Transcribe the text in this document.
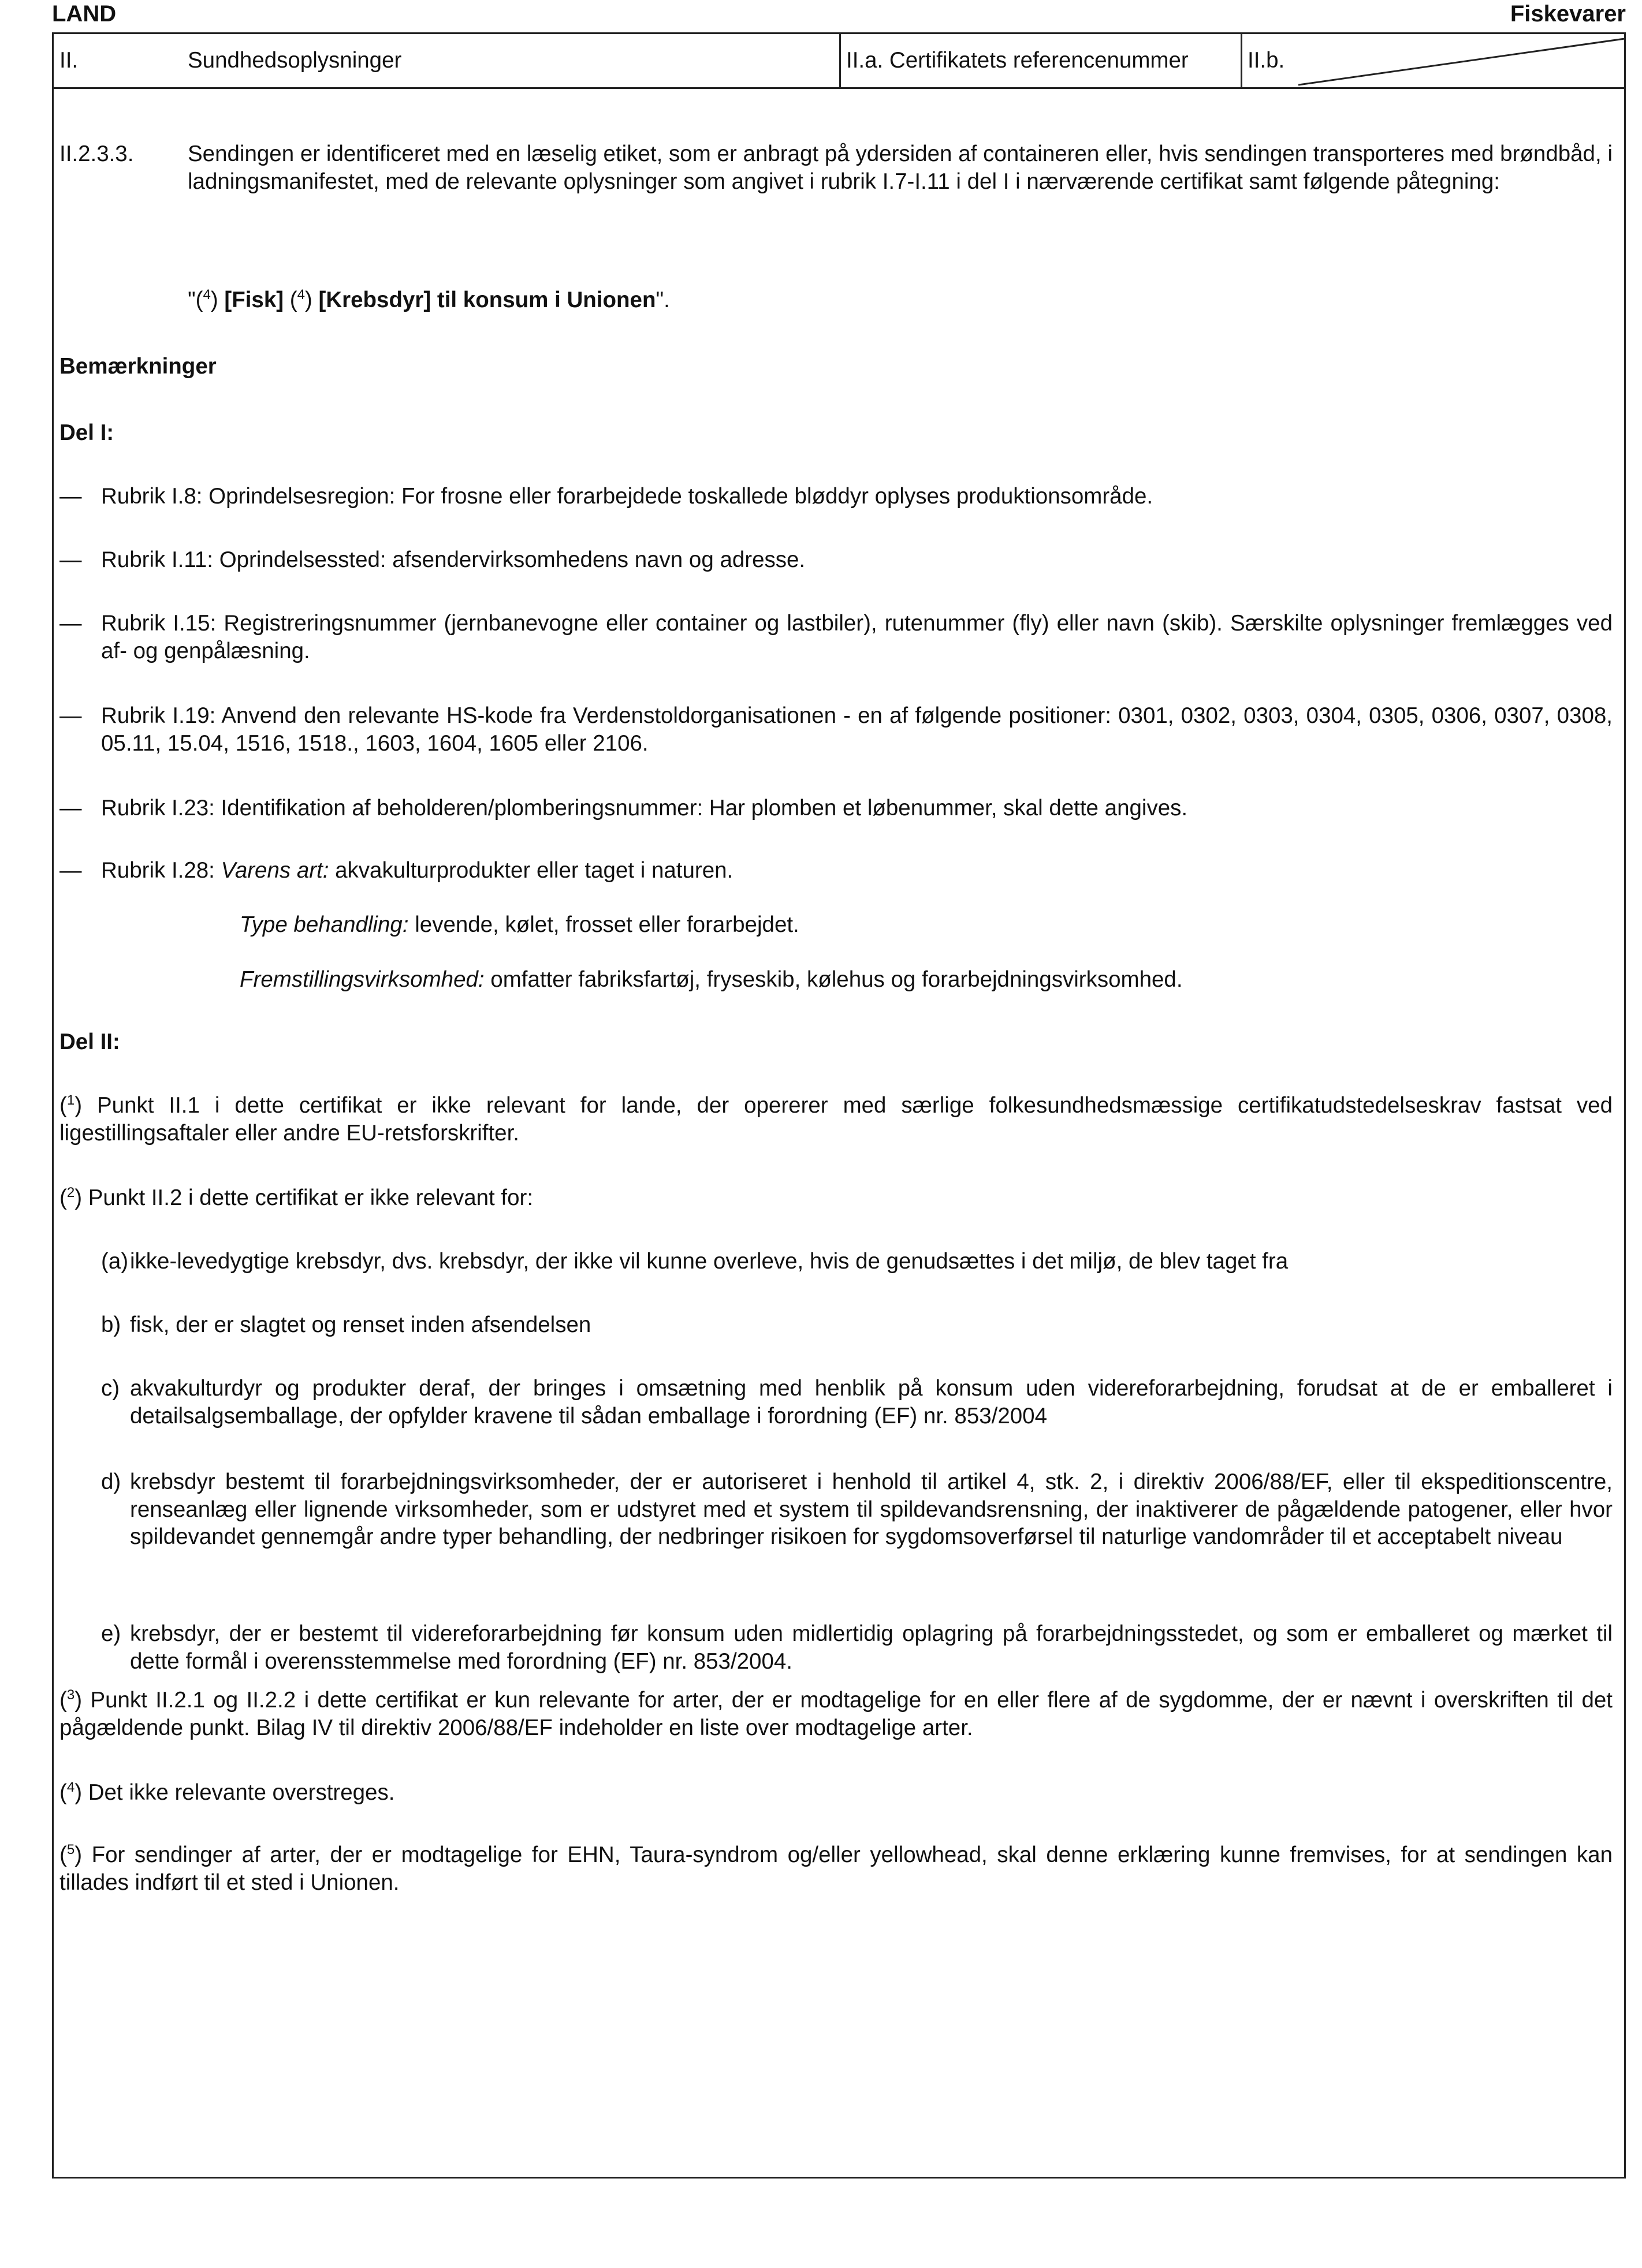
LAND	Fiskevarer
II.	Sundhedsoplysninger	II.a. Certifikatets referencenummer	II.b.
II.2.3.3. Sendingen er identificeret med en læselig etiket, som er anbragt på ydersiden af containeren eller, hvis sendingen transporteres med brøndbåd, i ladningsmanifestet, med de relevante oplysninger som angivet i rubrik I.7-I.11 i del I i nærværende certifikat samt følgende påtegning:
"($^4$) [Fisk] ($^4$) [Krebsdyr] til konsum i Unionen".
Bemærkninger
Del I:
— Rubrik I.8: Oprindelsesregion: For frosne eller forarbejdede toskallede bløddyr oplyses produktionsområde.
— Rubrik I.11: Oprindelsessted: afsendervirksomhedens navn og adresse.
— Rubrik I.15: Registreringsnummer (jernbanevogne eller container og lastbiler), rutenummer (fly) eller navn (skib). Særskilte oplysninger fremlægges ved af- og genpålæsning.
— Rubrik I.19: Anvend den relevante HS-kode fra Verdenstoldorganisationen - en af følgende positioner: 0301, 0302, 0303, 0304, 0305, 0306, 0307, 0308, 05.11, 15.04, 1516, 1518., 1603, 1604, 1605 eller 2106.
— Rubrik I.23: Identifikation af beholderen/plomberingsnummer: Har plomben et løbenummer, skal dette angives.
— Rubrik I.28: Varens art: akvakulturprodukter eller taget i naturen.
Type behandling: levende, kølet, frosset eller forarbejdet.
Fremstillingsvirksomhed: omfatter fabriksfartøj, fryseskib, kølehus og forarbejdningsvirksomhed.
Del II:
($^1$) Punkt II.1 i dette certifikat er ikke relevant for lande, der opererer med særlige folkesundhedsmæssige certifikatudstedelseskrav fastsat ved ligestillingsaftaler eller andre EU-retsforskrifter.
($^2$) Punkt II.2 i dette certifikat er ikke relevant for:
(a) ikke-levedygtige krebsdyr, dvs. krebsdyr, der ikke vil kunne overleve, hvis de genudsættes i det miljø, de blev taget fra
b) fisk, der er slagtet og renset inden afsendelsen
c) akvakulturdyr og produkter deraf, der bringes i omsætning med henblik på konsum uden videreforarbejdning, forudsat at de er emballeret i detailsalgsemballage, der opfylder kravene til sådan emballage i forordning (EF) nr. 853/2004
d) krebsdyr bestemt til forarbejdningsvirksomheder, der er autoriseret i henhold til artikel 4, stk. 2, i direktiv 2006/88/EF, eller til ekspeditionscentre, renseanlæg eller lignende virksomheder, som er udstyret med et system til spildevandsrensning, der inaktiverer de pågældende patogener, eller hvor spildevandet gennemgår andre typer behandling, der nedbringer risikoen for sygdomsoverførsel til naturlige vandområder til et acceptabelt niveau
e) krebsdyr, der er bestemt til videreforarbejdning før konsum uden midlertidig oplagring på forarbejdningsstedet, og som er emballeret og mærket til dette formål i overensstemmelse med forordning (EF) nr. 853/2004.
($^3$) Punkt II.2.1 og II.2.2 i dette certifikat er kun relevante for arter, der er modtagelige for en eller flere af de sygdomme, der er nævnt i overskriften til det pågældende punkt. Bilag IV til direktiv 2006/88/EF indeholder en liste over modtagelige arter.
($^4$) Det ikke relevante overstreges.
($^5$) For sendinger af arter, der er modtagelige for EHN, Taura-syndrom og/eller yellowhead, skal denne erklæring kunne fremvises, for at sendingen kan tillades indført til et sted i Unionen.
